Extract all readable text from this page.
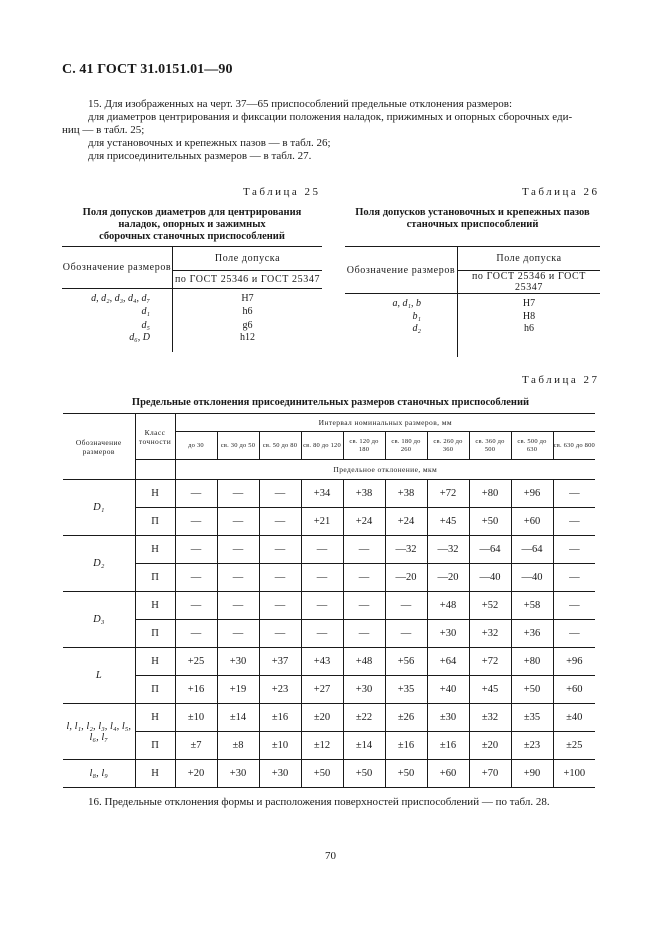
С. 41 ГОСТ 31.0151.01—90
15. Для изображенных на черт. 37—65 приспособлений предельные отклонения размеров:
для диаметров центрирования и фиксации положения наладок, прижимных и опорных сборочных еди-
ниц — в табл. 25;
для установочных и крепежных пазов — в табл. 26;
для присоединительных размеров — в табл. 27.
Таблица 25
Поля допусков диаметров для центрирования
наладок, опорных и зажимных
сборочных станочных приспособлений
Обозначение размеров	Поле допуска
	по ГОСТ 25346 и ГОСТ 25347
d, d₂, d₃, d₄, d₇	H7
d₁	h6
d₅	g6
d₆, D	h12
Таблица 26
Поля допусков установочных и крепежных пазов
станочных приспособлений
Обозначение размеров	Поле допуска
	по ГОСТ 25346 и ГОСТ 25347
a, d₁, b	H7
b₁	H8
d₂	h6
Таблица 27
Предельные отклонения присоединительных размеров станочных приспособлений
Обозначение размеров	Класс точности	Интервал номинальных размеров, мм									
		до 30	св. 30 до 50	св. 50 до 80	св. 80 до 120	св. 120 до 180	св. 180 до 260	св. 260 до 360	св. 360 до 500	св. 500 до 630	св. 630 до 800
		Предельное отклонение, мкм									
D₁	Н	—	—	—	+34	+38	+38	+72	+80	+96	—
	П	—	—	—	+21	+24	+24	+45	+50	+60	—
D₂	Н	—	—	—	—	—	—32	—32	—64	—64	—
	П	—	—	—	—	—	—20	—20	—40	—40	—
D₃	Н	—	—	—	—	—	—	+48	+52	+58	—
	П	—	—	—	—	—	—	+30	+32	+36	—
L	Н	+25	+30	+37	+43	+48	+56	+64	+72	+80	+96
	П	+16	+19	+23	+27	+30	+35	+40	+45	+50	+60
l, l₁, l₂, l₃, l₄, l₅, l₆, l₇	Н	±10	±14	±16	±20	±22	±26	±30	±32	±35	±40
	П	±7	±8	±10	±12	±14	±16	±16	±20	±23	±25
l₈, l₉	Н	+20	+30	+30	+50	+50	+50	+60	+70	+90	+100
16. Предельные отклонения формы и расположения поверхностей приспособлений — по табл. 28.
70
